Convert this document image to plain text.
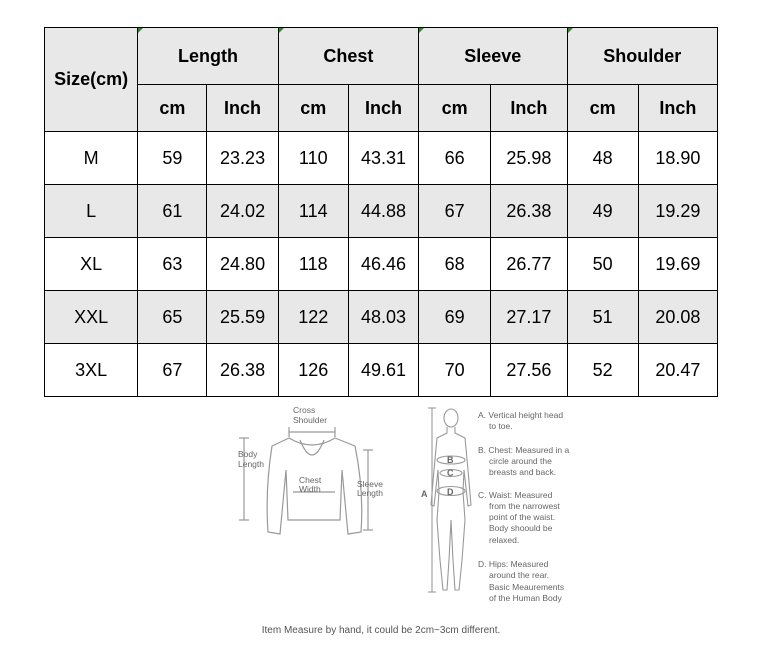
Size(cm)	Length		Chest		Sleeve		Shoulder	
	cm	Inch	cm	Inch	cm	Inch	cm	Inch
M	59	23.23	110	43.31	66	25.98	48	18.90
L	61	24.02	114	44.88	67	26.38	49	19.29
XL	63	24.80	118	46.46	68	26.77	50	19.69
XXL	65	25.59	122	48.03	69	27.17	51	20.08
3XL	67	26.38	126	49.61	70	27.56	52	20.47
Cross
Shoulder
Body
Length
Chest
Width	Sleeve
Length	A
B
C
D
A. Vertical height head
to toe.
B. Chest: Measured in a
circle around the
breasts and back.
C. Waist: Measured
from the narrowest
point of the waist.
Body shoould be
relaxed.
D. Hips: Measured
around the rear.
Basic Meaurements
of the Human Body
Item Measure by hand, it could be 2cm~3cm different.
